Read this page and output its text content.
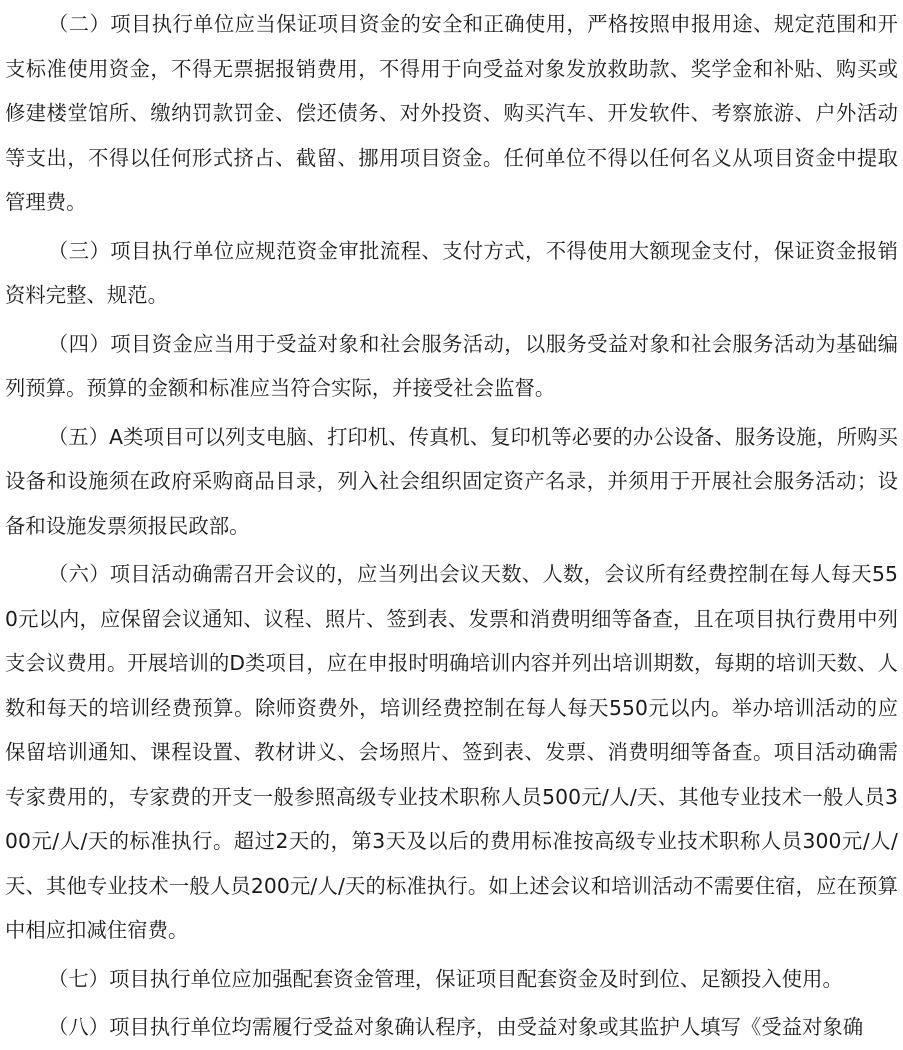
（二）项目执行单位应当保证项目资金的安全和正确使用，严格按照申报用途、规定范围和开支标准使用资金，不得无票据报销费用，不得用于向受益对象发放救助款、奖学金和补贴、购买或修建楼堂馆所、缴纳罚款罚金、偿还债务、对外投资、购买汽车、开发软件、考察旅游、户外活动等支出，不得以任何形式挤占、截留、挪用项目资金。任何单位不得以任何名义从项目资金中提取管理费。

（三）项目执行单位应规范资金审批流程、支付方式，不得使用大额现金支付，保证资金报销资料完整、规范。

（四）项目资金应当用于受益对象和社会服务活动，以服务受益对象和社会服务活动为基础编列预算。预算的金额和标准应当符合实际，并接受社会监督。

（五）A类项目可以列支电脑、打印机、传真机、复印机等必要的办公设备、服务设施，所购买设备和设施须在政府采购商品目录，列入社会组织固定资产名录，并须用于开展社会服务活动；设备和设施发票须报民政部。

（六）项目活动确需召开会议的，应当列出会议天数、人数，会议所有经费控制在每人每天550元以内，应保留会议通知、议程、照片、签到表、发票和消费明细等备查，且在项目执行费用中列支会议费用。开展培训的D类项目，应在申报时明确培训内容并列出培训期数，每期的培训天数、人数和每天的培训经费预算。除师资费外，培训经费控制在每人每天550元以内。举办培训活动的应保留培训通知、课程设置、教材讲义、会场照片、签到表、发票、消费明细等备查。项目活动确需专家费用的，专家费的开支一般参照高级专业技术职称人员500元/人/天、其他专业技术一般人员300元/人/天的标准执行。超过2天的，第3天及以后的费用标准按高级专业技术职称人员300元/人/天、其他专业技术一般人员200元/人/天的标准执行。如上述会议和培训活动不需要住宿，应在预算中相应扣减住宿费。

（七）项目执行单位应加强配套资金管理，保证项目配套资金及时到位、足额投入使用。

（八）项目执行单位均需履行受益对象确认程序，由受益对象或其监护人填写《受益对象确
